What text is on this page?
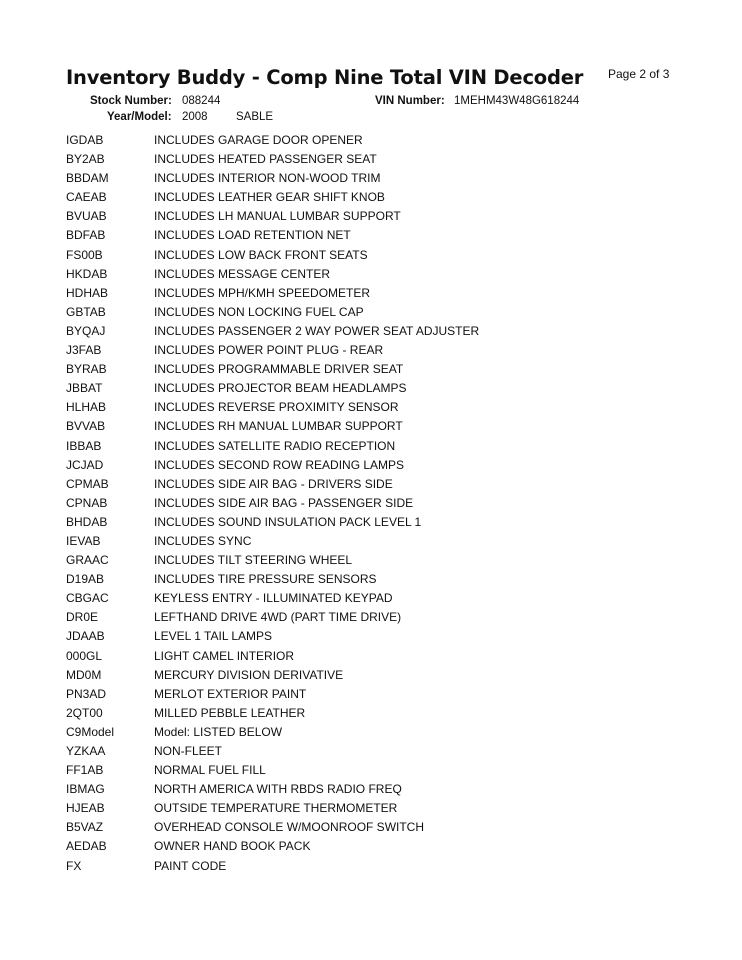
Inventory Buddy - Comp Nine Total VIN Decoder Page 2 of 3
Stock Number: 088244	VIN Number: 1MEHM43W48G618244
Year/Model: 2008 SABLE
IGDAB	INCLUDES GARAGE DOOR OPENER
BY2AB	INCLUDES HEATED PASSENGER SEAT
BBDAM	INCLUDES INTERIOR NON-WOOD TRIM
CAEAB	INCLUDES LEATHER GEAR SHIFT KNOB
BVUAB	INCLUDES LH MANUAL LUMBAR SUPPORT
BDFAB	INCLUDES LOAD RETENTION NET
FS00B	INCLUDES LOW BACK FRONT SEATS
HKDAB	INCLUDES MESSAGE CENTER
HDHAB	INCLUDES MPH/KMH SPEEDOMETER
GBTAB	INCLUDES NON LOCKING FUEL CAP
BYQAJ	INCLUDES PASSENGER 2 WAY POWER SEAT ADJUSTER
J3FAB	INCLUDES POWER POINT PLUG - REAR
BYRAB	INCLUDES PROGRAMMABLE DRIVER SEAT
JBBAT	INCLUDES PROJECTOR BEAM HEADLAMPS
HLHAB	INCLUDES REVERSE PROXIMITY SENSOR
BVVAB	INCLUDES RH MANUAL LUMBAR SUPPORT
IBBAB	INCLUDES SATELLITE RADIO RECEPTION
JCJAD	INCLUDES SECOND ROW READING LAMPS
CPMAB	INCLUDES SIDE AIR BAG - DRIVERS SIDE
CPNAB	INCLUDES SIDE AIR BAG - PASSENGER SIDE
BHDAB	INCLUDES SOUND INSULATION PACK LEVEL 1
IEVAB	INCLUDES SYNC
GRAAC	INCLUDES TILT STEERING WHEEL
D19AB	INCLUDES TIRE PRESSURE SENSORS
CBGAC	KEYLESS ENTRY - ILLUMINATED KEYPAD
DR0E	LEFTHAND DRIVE 4WD (PART TIME DRIVE)
JDAAB	LEVEL 1 TAIL LAMPS
000GL	LIGHT CAMEL INTERIOR
MD0M	MERCURY DIVISION DERIVATIVE
PN3AD	MERLOT EXTERIOR PAINT
2QT00	MILLED PEBBLE LEATHER
C9Model	Model: LISTED BELOW
YZKAA	NON-FLEET
FF1AB	NORMAL FUEL FILL
IBMAG	NORTH AMERICA WITH RBDS RADIO FREQ
HJEAB	OUTSIDE TEMPERATURE THERMOMETER
B5VAZ	OVERHEAD CONSOLE W/MOONROOF SWITCH
AEDAB	OWNER HAND BOOK PACK
FX	PAINT CODE
